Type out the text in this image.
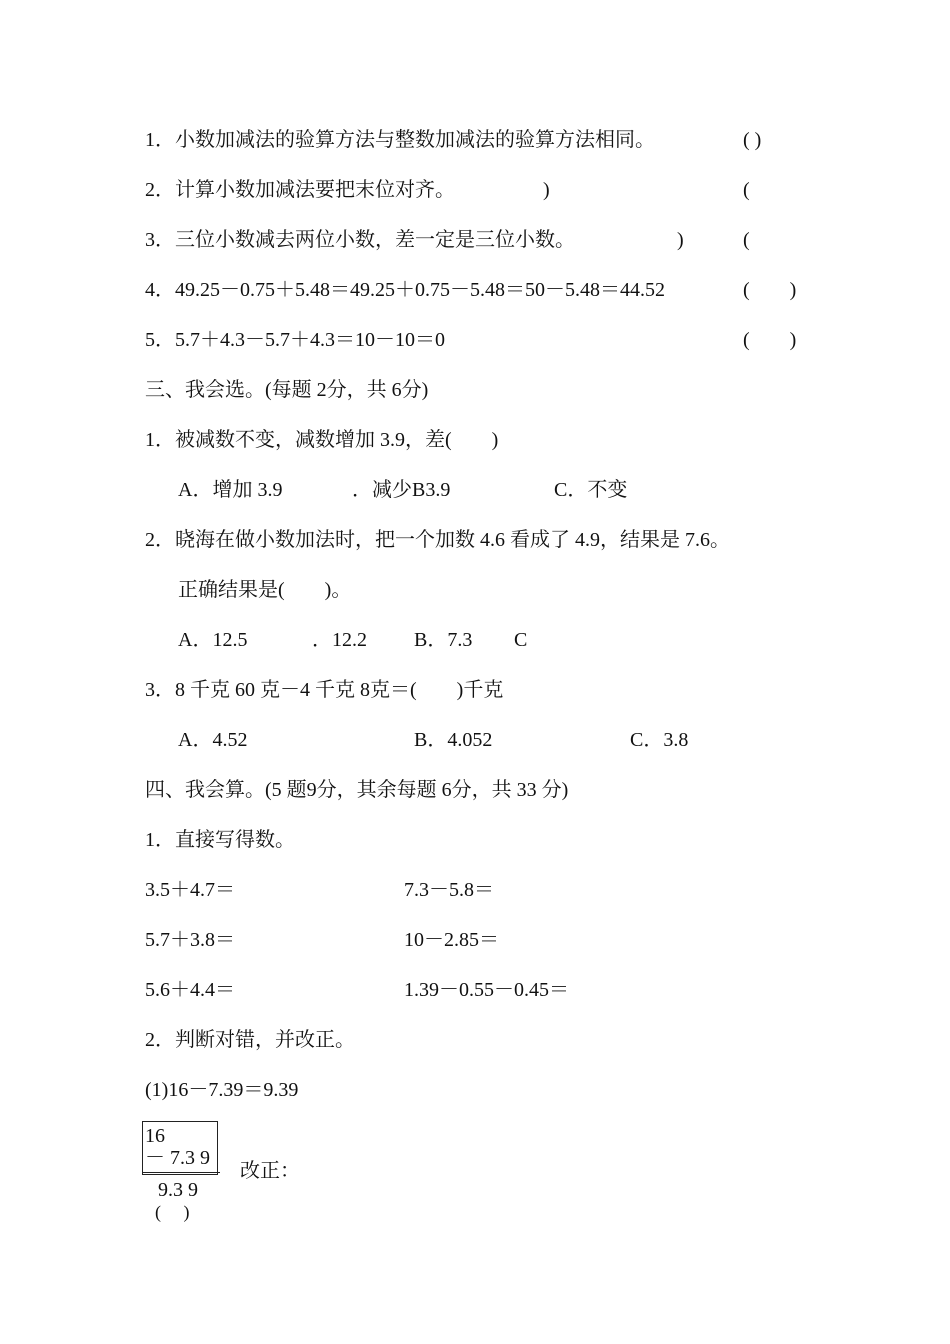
1．小数加减法的验算方法与整数加减法的验算方法相同。	( )
2．计算小数加减法要把末位对齐。	)	(
3．三位小数减去两位小数，差一定是三位小数。	)	(
4．49.25－0.75＋5.48＝49.25＋0.75－5.48＝50－5.48＝44.52	(　　)
5．5.7＋4.3－5.7＋4.3＝10－10＝0	(　　)
三、我会选。(每题 2分，共 6分)
1．被减数不变，减数增加 3.9，差(　　)
A．增加 3.9	．减少B3.9	C．不变
2．晓海在做小数加法时，把一个加数 4.6 看成了 4.9，结果是 7.6。
正确结果是(　　)。
A．12.5	．12.2 B．7.3 C
3．8 千克 60 克－4 千克 8克＝(　　)千克
A．4.52	B．4.052	C．3.8
四、我会算。(5 题9分，其余每题 6分，共 33 分)
1．直接写得数。
3.5＋4.7＝	7.3－5.8＝
5.7＋3.8＝	10－2.85＝
5.6＋4.4＝	1.39－0.55－0.45＝
2．判断对错，并改正。
(1)16－7.39＝9.39
16
－ 7.3 9
9.3 9
(　 )
改正：
